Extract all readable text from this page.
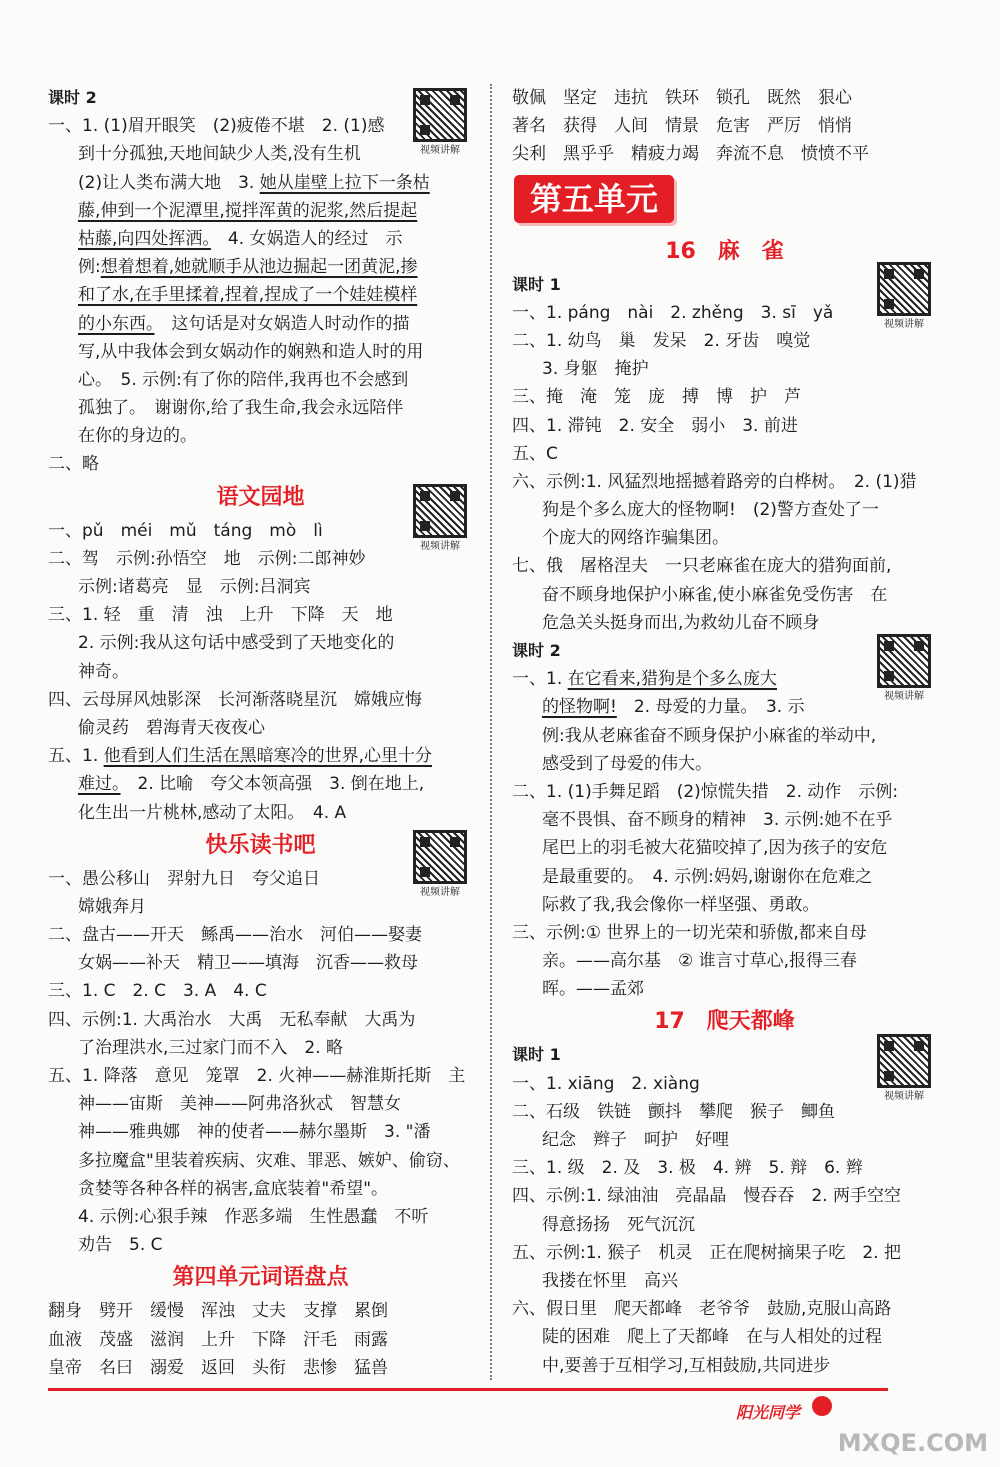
课时 2
一、1. (1)眉开眼笑　(2)疲倦不堪　2. (1)感
到十分孤独,天地间缺少人类,没有生机
(2)让人类布满大地　3. 她从崖壁上拉下一条枯
藤,伸到一个泥潭里,搅拌浑黄的泥浆,然后提起
枯藤,向四处挥洒。　4. 女娲造人的经过　示
例:想着想着,她就顺手从池边掘起一团黄泥,掺
和了水,在手里揉着,捏着,捏成了一个娃娃模样
的小东西。　这句话是对女娲造人时动作的描
写,从中我体会到女娲动作的娴熟和造人时的用
心。　5. 示例:有了你的陪伴,我再也不会感到
孤独了。　谢谢你,给了我生命,我会永远陪伴
在你的身边的。
二、略
语文园地
一、pǔ　méi　mǔ　táng　mò　lì
二、驾　示例:孙悟空　地　示例:二郎神妙
示例:诸葛亮　显　示例:吕洞宾
三、1. 轻　重　清　浊　上升　下降　天　地
2. 示例:我从这句话中感受到了天地变化的
神奇。
四、云母屏风烛影深　长河渐落晓星沉　嫦娥应悔
偷灵药　碧海青天夜夜心
五、1. 他看到人们生活在黑暗寒冷的世界,心里十分
难过。　2. 比喻　夸父本领高强　3. 倒在地上,
化生出一片桃林,感动了太阳。　4. A
快乐读书吧
一、愚公移山　羿射九日　夸父追日
嫦娥奔月
二、盘古——开天　鲧禹——治水　河伯——娶妻
女娲——补天　精卫——填海　沉香——救母
三、1. C　2. C　3. A　4. C
四、示例:1. 大禹治水　大禹　无私奉献　大禹为
了治理洪水,三过家门而不入　2. 略
五、1. 降落　意见　笼罩　2. 火神——赫淮斯托斯　主
神——宙斯　美神——阿弗洛狄忒　智慧女
神——雅典娜　神的使者——赫尔墨斯　3. "潘
多拉魔盒"里装着疾病、灾难、罪恶、嫉妒、偷窃、
贪婪等各种各样的祸害,盒底装着"希望"。
4. 示例:心狠手辣　作恶多端　生性愚蠢　不听
劝告　5. C
第四单元词语盘点
翻身　劈开　缓慢　浑浊　丈夫　支撑　累倒
血液　茂盛　滋润　上升　下降　汗毛　雨露
皇帝　名曰　溺爱　返回　头衔　悲惨　猛兽
敬佩　坚定　违抗　铁环　锁孔　既然　狠心
著名　获得　人间　情景　危害　严厉　悄悄
尖利　黑乎乎　精疲力竭　奔流不息　愤愤不平
第五单元
16　麻　雀
课时 1
一、1. páng　nài　2. zhěng　3. sī　yǎ
二、1. 幼鸟　巢　发呆　2. 牙齿　嗅觉
3. 身躯　掩护
三、掩　淹　笼　庞　搏　博　护　芦
四、1. 滞钝　2. 安全　弱小　3. 前进
五、C
六、示例:1. 风猛烈地摇撼着路旁的白桦树。　2. (1)猎
狗是个多么庞大的怪物啊!　(2)警方查处了一
个庞大的网络诈骗集团。
七、俄　屠格涅夫　一只老麻雀在庞大的猎狗面前,
奋不顾身地保护小麻雀,使小麻雀免受伤害　在
危急关头挺身而出,为救幼儿奋不顾身
课时 2
一、1. 在它看来,猎狗是个多么庞大
的怪物啊!　2. 母爱的力量。　3. 示
例:我从老麻雀奋不顾身保护小麻雀的举动中,
感受到了母爱的伟大。
二、1. (1)手舞足蹈　(2)惊慌失措　2. 动作　示例:
毫不畏惧、奋不顾身的精神　3. 示例:她不在乎
尾巴上的羽毛被大花猫咬掉了,因为孩子的安危
是最重要的。　4. 示例:妈妈,谢谢你在危难之
际救了我,我会像你一样坚强、勇敢。
三、示例:① 世界上的一切光荣和骄傲,都来自母
亲。——高尔基　② 谁言寸草心,报得三春
晖。——孟郊
17　爬天都峰
课时 1
一、1. xiāng　2. xiàng
二、石级　铁链　颤抖　攀爬　猴子　鲫鱼
纪念　辫子　呵护　好哩
三、1. 级　2. 及　3. 极　4. 辨　5. 辩　6. 辫
四、示例:1. 绿油油　亮晶晶　慢吞吞　2. 两手空空
得意扬扬　死气沉沉
五、示例:1. 猴子　机灵　正在爬树摘果子吃　2. 把
我搂在怀里　高兴
六、假日里　爬天都峰　老爷爷　鼓励,克服山高路
陡的困难　爬上了天都峰　在与人相处的过程
中,要善于互相学习,互相鼓励,共同进步
视频讲解
视频讲解
视频讲解
视频讲解
视频讲解
视频讲解
阳光同学
MXQE.COM
